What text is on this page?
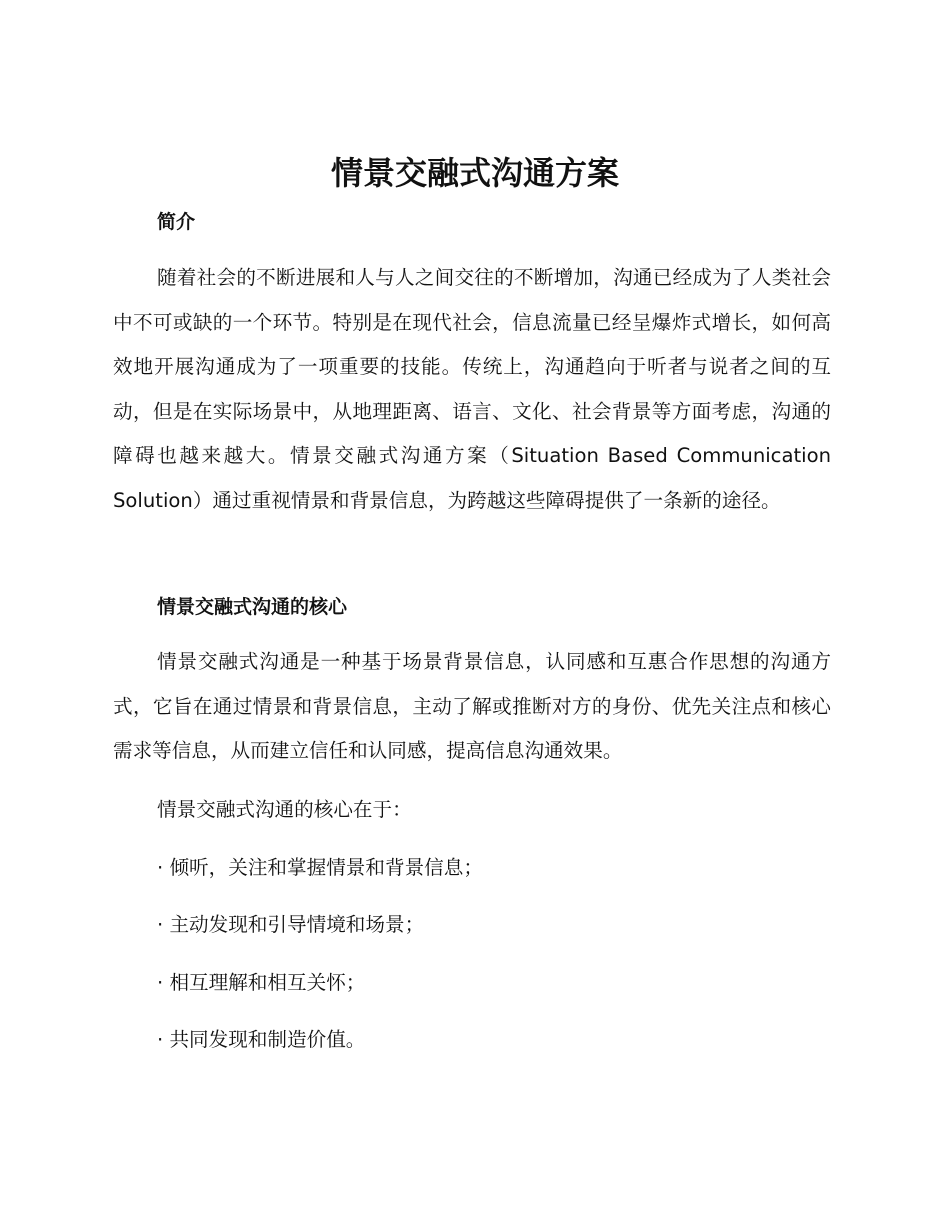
情景交融式沟通方案
简介

随着社会的不断进展和人与人之间交往的不断增加，沟通已经成为了人类社会中不可或缺的一个环节。特别是在现代社会，信息流量已经呈爆炸式增长，如何高效地开展沟通成为了一项重要的技能。传统上，沟通趋向于听者与说者之间的互动，但是在实际场景中，从地理距离、语言、文化、社会背景等方面考虑，沟通的障碍也越来越大。情景交融式沟通方案（Situation Based Communication Solution）通过重视情景和背景信息，为跨越这些障碍提供了一条新的途径。

情景交融式沟通的核心

情景交融式沟通是一种基于场景背景信息，认同感和互惠合作思想的沟通方式，它旨在通过情景和背景信息，主动了解或推断对方的身份、优先关注点和核心需求等信息，从而建立信任和认同感，提高信息沟通效果。

情景交融式沟通的核心在于：

· 倾听，关注和掌握情景和背景信息；

· 主动发现和引导情境和场景；

· 相互理解和相互关怀；

· 共同发现和制造价值。
